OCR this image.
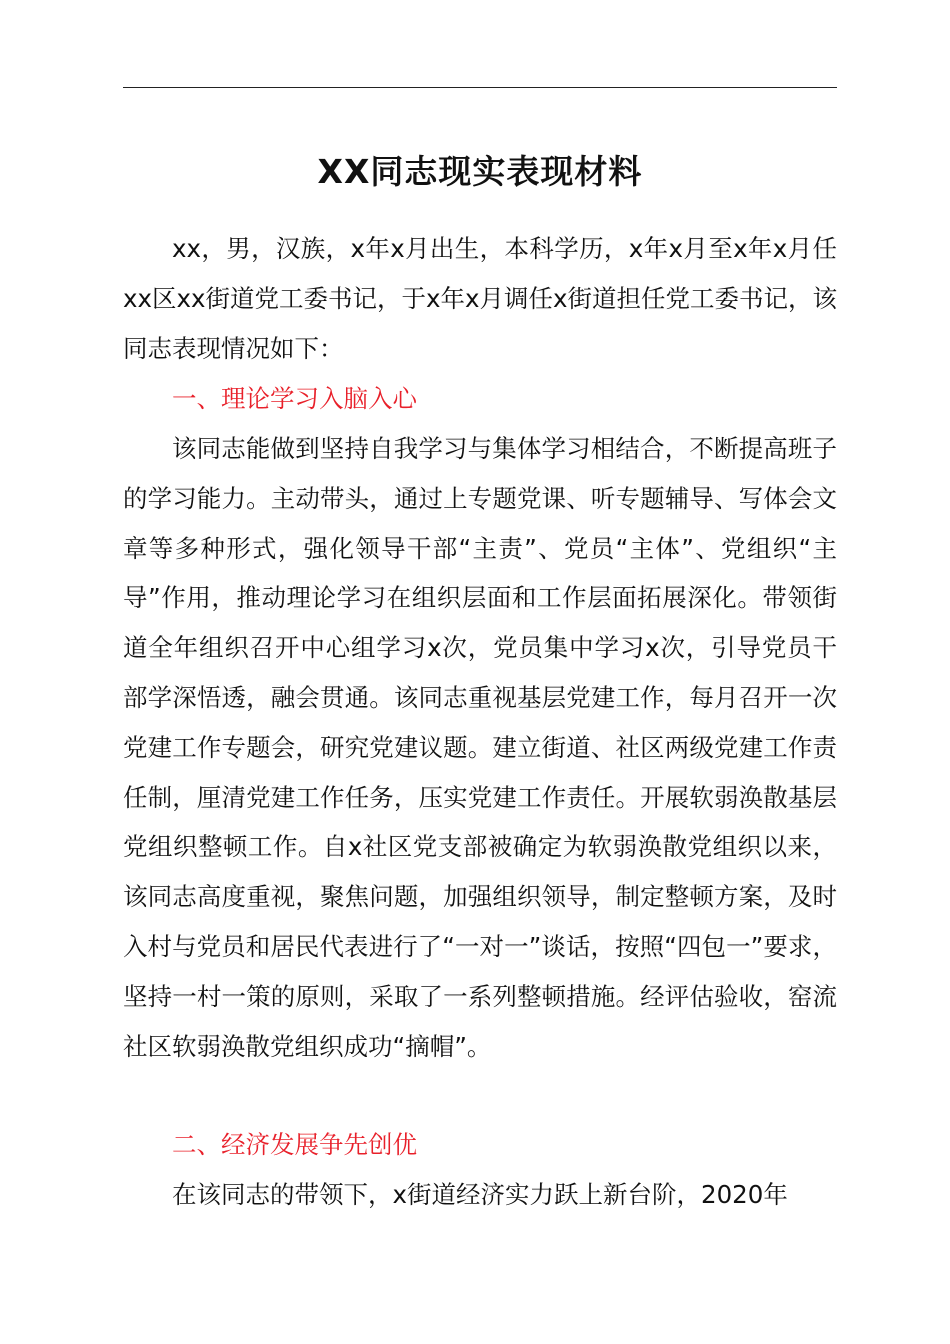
XX同志现实表现材料

xx，男，汉族，x年x月出生，本科学历，x年x月至x年x月任xx区xx街道党工委书记，于x年x月调任x街道担任党工委书记，该同志表现情况如下：

一、理论学习入脑入心

该同志能做到坚持自我学习与集体学习相结合，不断提高班子的学习能力。主动带头，通过上专题党课、听专题辅导、写体会文章等多种形式，强化领导干部“主责”、党员“主体”、党组织“主导”作用，推动理论学习在组织层面和工作层面拓展深化。带领街道全年组织召开中心组学习x次，党员集中学习x次，引导党员干部学深悟透，融会贯通。该同志重视基层党建工作，每月召开一次党建工作专题会，研究党建议题。建立街道、社区两级党建工作责任制，厘清党建工作任务，压实党建工作责任。开展软弱涣散基层党组织整顿工作。自x社区党支部被确定为软弱涣散党组织以来，该同志高度重视，聚焦问题，加强组织领导，制定整顿方案，及时入村与党员和居民代表进行了“一对一”谈话，按照“四包一”要求，坚持一村一策的原则，采取了一系列整顿措施。经评估验收，窑流社区软弱涣散党组织成功“摘帽”。

二、经济发展争先创优

在该同志的带领下，x街道经济实力跃上新台阶，2020年
